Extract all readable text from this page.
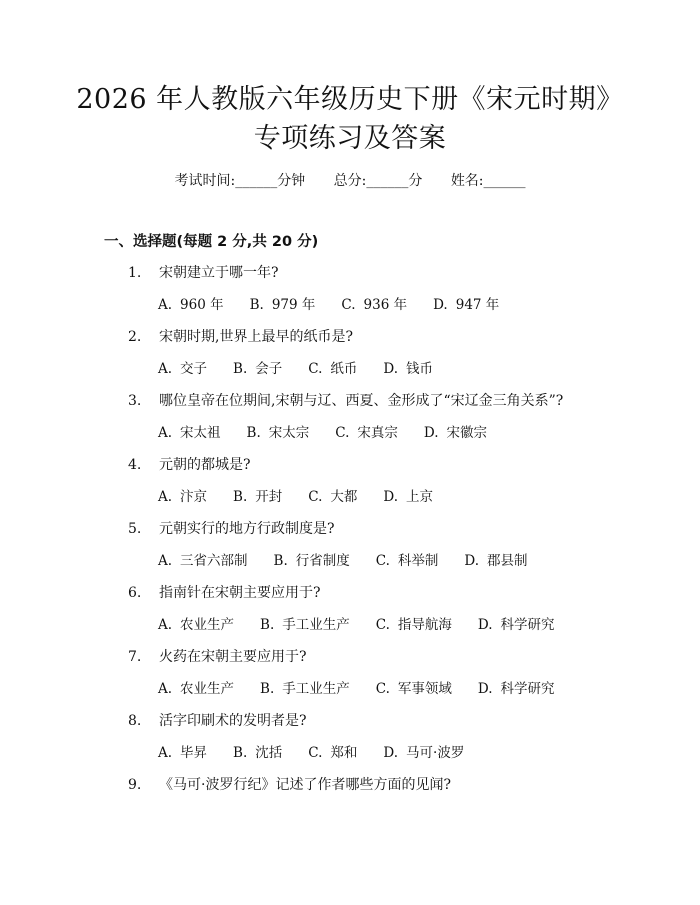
2026 年人教版六年级历史下册《宋元时期》
专项练习及答案
考试时间:______分钟 总分:______分 姓名:______
一、选择题(每题 2 分,共 20 分)
1. 宋朝建立于哪一年?
A. 960 年 B. 979 年 C. 936 年 D. 947 年
2. 宋朝时期,世界上最早的纸币是?
A. 交子 B. 会子 C. 纸币 D. 钱币
3. 哪位皇帝在位期间,宋朝与辽、西夏、金形成了“宋辽金三角关系”?
A. 宋太祖 B. 宋太宗 C. 宋真宗 D. 宋徽宗
4. 元朝的都城是?
A. 汴京 B. 开封 C. 大都 D. 上京
5. 元朝实行的地方行政制度是?
A. 三省六部制 B. 行省制度 C. 科举制 D. 郡县制
6. 指南针在宋朝主要应用于?
A. 农业生产 B. 手工业生产 C. 指导航海 D. 科学研究
7. 火药在宋朝主要应用于?
A. 农业生产 B. 手工业生产 C. 军事领域 D. 科学研究
8. 活字印刷术的发明者是?
A. 毕昇 B. 沈括 C. 郑和 D. 马可·波罗
9. 《马可·波罗行纪》记述了作者哪些方面的见闻?
